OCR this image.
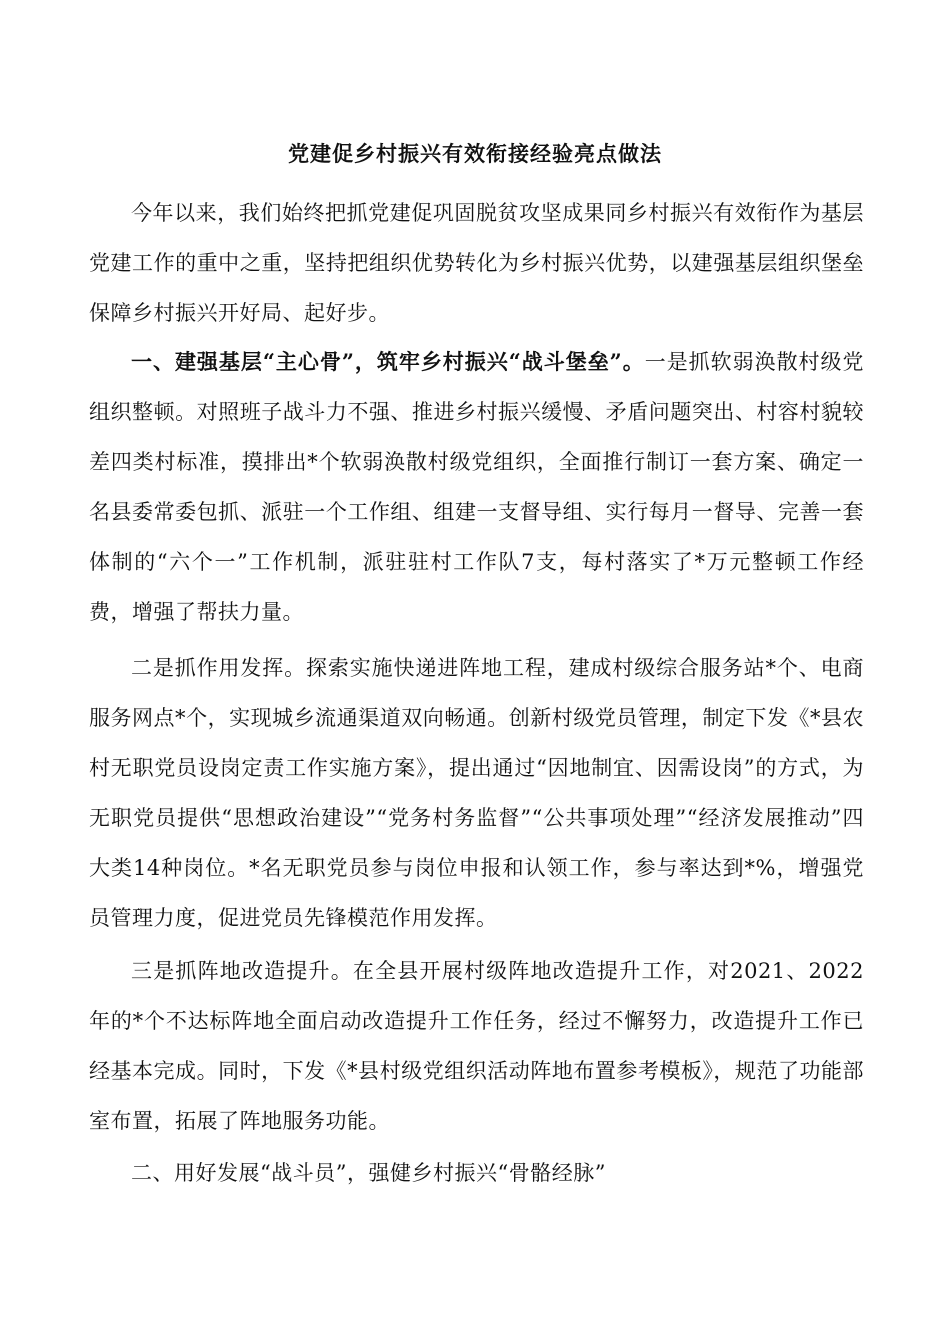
党建促乡村振兴有效衔接经验亮点做法

今年以来，我们始终把抓党建促巩固脱贫攻坚成果同乡村振兴有效衔作为基层党建工作的重中之重，坚持把组织优势转化为乡村振兴优势，以建强基层组织堡垒保障乡村振兴开好局、起好步。

一、建强基层“主心骨”，筑牢乡村振兴“战斗堡垒”。一是抓软弱涣散村级党组织整顿。对照班子战斗力不强、推进乡村振兴缓慢、矛盾问题突出、村容村貌较差四类村标准，摸排出*个软弱涣散村级党组织，全面推行制订一套方案、确定一名县委常委包抓、派驻一个工作组、组建一支督导组、实行每月一督导、完善一套体制的“六个一”工作机制，派驻驻村工作队7支，每村落实了*万元整顿工作经费，增强了帮扶力量。

二是抓作用发挥。探索实施快递进阵地工程，建成村级综合服务站*个、电商服务网点*个，实现城乡流通渠道双向畅通。创新村级党员管理，制定下发《*县农村无职党员设岗定责工作实施方案》，提出通过“因地制宜、因需设岗”的方式，为无职党员提供“思想政治建设”“党务村务监督”“公共事项处理”“经济发展推动”四大类14种岗位。*名无职党员参与岗位申报和认领工作，参与率达到*%，增强党员管理力度，促进党员先锋模范作用发挥。

三是抓阵地改造提升。在全县开展村级阵地改造提升工作，对2021、2022年的*个不达标阵地全面启动改造提升工作任务，经过不懈努力，改造提升工作已经基本完成。同时，下发《*县村级党组织活动阵地布置参考模板》，规范了功能部室布置，拓展了阵地服务功能。

二、用好发展“战斗员”，强健乡村振兴“骨骼经脉”
